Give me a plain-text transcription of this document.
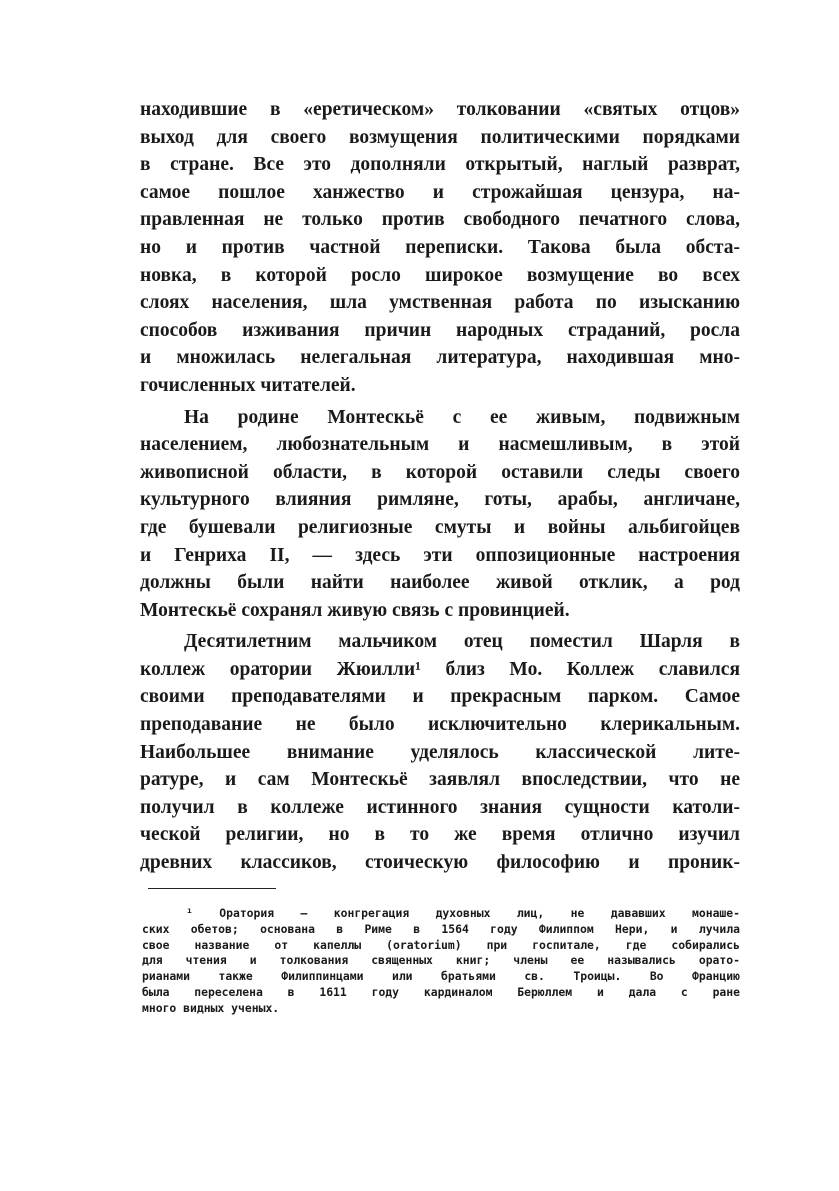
находившие в «еретическом» толковании «святых отцов»
выход для своего возмущения политическими порядками
в стране. Все это дополняли открытый, наглый разврат,
самое пошлое ханжество и строжайшая цензура, на-
правленная не только против свободного печатного слова,
но и против частной переписки. Такова была обста-
новка, в которой росло широкое возмущение во всех
слоях населения, шла умственная работа по изысканию
способов изживания причин народных страданий, росла
и множилась нелегальная литература, находившая мно-
гочисленных читателей.
На родине Монтескьё с ее живым, подвижным
населением, любознательным и насмешливым, в этой
живописной области, в которой оставили следы своего
культурного влияния римляне, готы, арабы, англичане,
где бушевали религиозные смуты и войны альбигойцев
и Генриха II, — здесь эти оппозиционные настроения
должны были найти наиболее живой отклик, а род
Монтескьё сохранял живую связь с провинцией.
Десятилетним мальчиком отец поместил Шарля в
коллеж оратории Жюилли¹ близ Мо. Коллеж славился
своими преподавателями и прекрасным парком. Самое
преподавание не было исключительно клерикальным.
Наибольшее внимание уделялось классической лите-
ратуре, и сам Монтескьё заявлял впоследствии, что не
получил в коллеже истинного знания сущности католи-
ческой религии, но в то же время отлично изучил
древних классиков, стоическую философию и проник-
¹ Оратория — конгрегация духовных лиц, не дававших монаше-
ских обетов; основана в Риме в 1564 году Филиппом Нери, и лучила
свое название от капеллы (oratorium) при госпитале, где собирались
для чтения и толкования священных книг; члены ее назывались орато-
рианами также Филиппинцами или братьями св. Троицы. Во Францию
была переселена в 1611 году кардиналом Берюллем и дала с ране
много видных ученых.
